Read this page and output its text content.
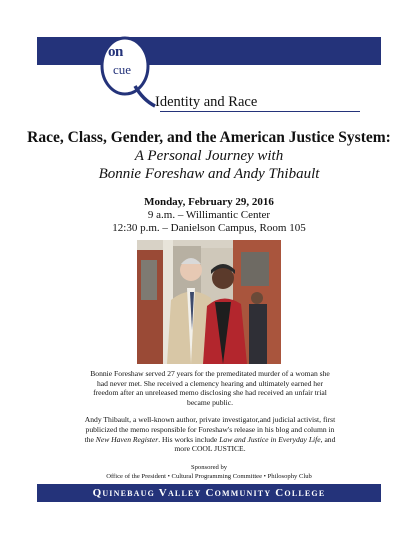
on
cue
Identity and Race
Race, Class, Gender, and the American Justice System:
A Personal Journey with
Bonnie Foreshaw and Andy Thibault
Monday, February 29, 2016
9 a.m. – Willimantic Center
12:30 p.m. – Danielson Campus, Room 105

Bonnie Foreshaw served 27 years for the premeditated murder of a woman she had never met. She received a clemency hearing and ultimately earned her freedom after an unreleased memo disclosing she had received an unfair trial became public.

Andy Thibault, a well-known author, private investigator,and judicial activist, first publicized the memo responsible for Foreshaw's release in his blog and column in the New Haven Register. His works include Law and Justice in Everyday Life, and more COOL JUSTICE.

Sponsored by
Office of the President • Cultural Programming Committee • Philosophy Club
Quinebaug Valley Community College
